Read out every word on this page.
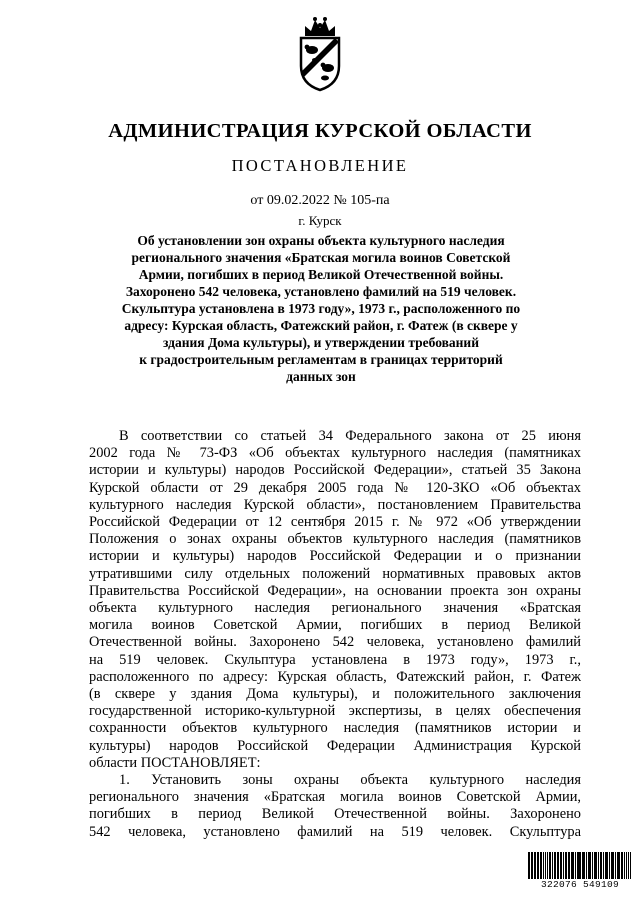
АДМИНИСТРАЦИЯ КУРСКОЙ ОБЛАСТИ
ПОСТАНОВЛЕНИЕ
от 09.02.2022 № 105-па
г. Курск
Об установлении зон охраны объекта культурного наследия
регионального значения «Братская могила воинов Советской
Армии, погибших в период Великой Отечественной войны.
Захоронено 542 человека, установлено фамилий на 519 человек.
Скульптура установлена в 1973 году», 1973 г., расположенного по
адресу: Курская область, Фатежский район, г. Фатеж (в сквере у
здания Дома культуры), и утверждении требований
к градостроительным регламентам в границах территорий
данных зон
В соответствии со статьей 34 Федерального закона от 25 июня
2002 года № 73-ФЗ «Об объектах культурного наследия (памятниках
истории и культуры) народов Российской Федерации», статьей 35 Закона
Курской области от 29 декабря 2005 года № 120-ЗКО «Об объектах
культурного наследия Курской области», постановлением Правительства
Российской Федерации от 12 сентября 2015 г. № 972 «Об утверждении
Положения о зонах охраны объектов культурного наследия (памятников
истории и культуры) народов Российской Федерации и о признании
утратившими силу отдельных положений нормативных правовых актов
Правительства Российской Федерации», на основании проекта зон охраны
объекта культурного наследия регионального значения «Братская
могила воинов Советской Армии, погибших в период Великой
Отечественной войны. Захоронено 542 человека, установлено фамилий
на 519 человек. Скульптура установлена в 1973 году», 1973 г.,
расположенного по адресу: Курская область, Фатежский район, г. Фатеж
(в сквере у здания Дома культуры), и положительного заключения
государственной историко-культурной экспертизы, в целях обеспечения
сохранности объектов культурного наследия (памятников истории и
культуры) народов Российской Федерации Администрация Курской
области ПОСТАНОВЛЯЕТ:
1. Установить зоны охраны объекта культурного наследия
регионального значения «Братская могила воинов Советской Армии,
погибших в период Великой Отечественной войны. Захоронено
542 человека, установлено фамилий на 519 человек. Скульптура
322076 549109
